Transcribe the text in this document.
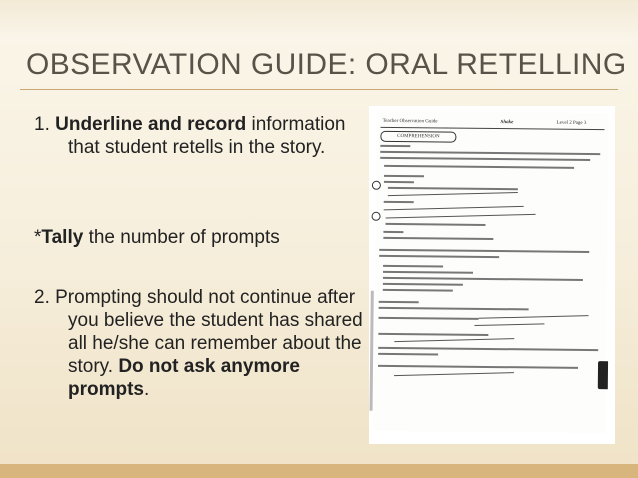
OBSERVATION GUIDE: ORAL RETELLING
1. Underline and record information that student retells in the story.
*Tally the number of prompts
2. Prompting should not continue after you believe the student has shared all he/she can remember about the story. Do not ask anymore prompts.
Teacher Observation Guide	Shake	Level 2 Page 3
COMPREHENSION
